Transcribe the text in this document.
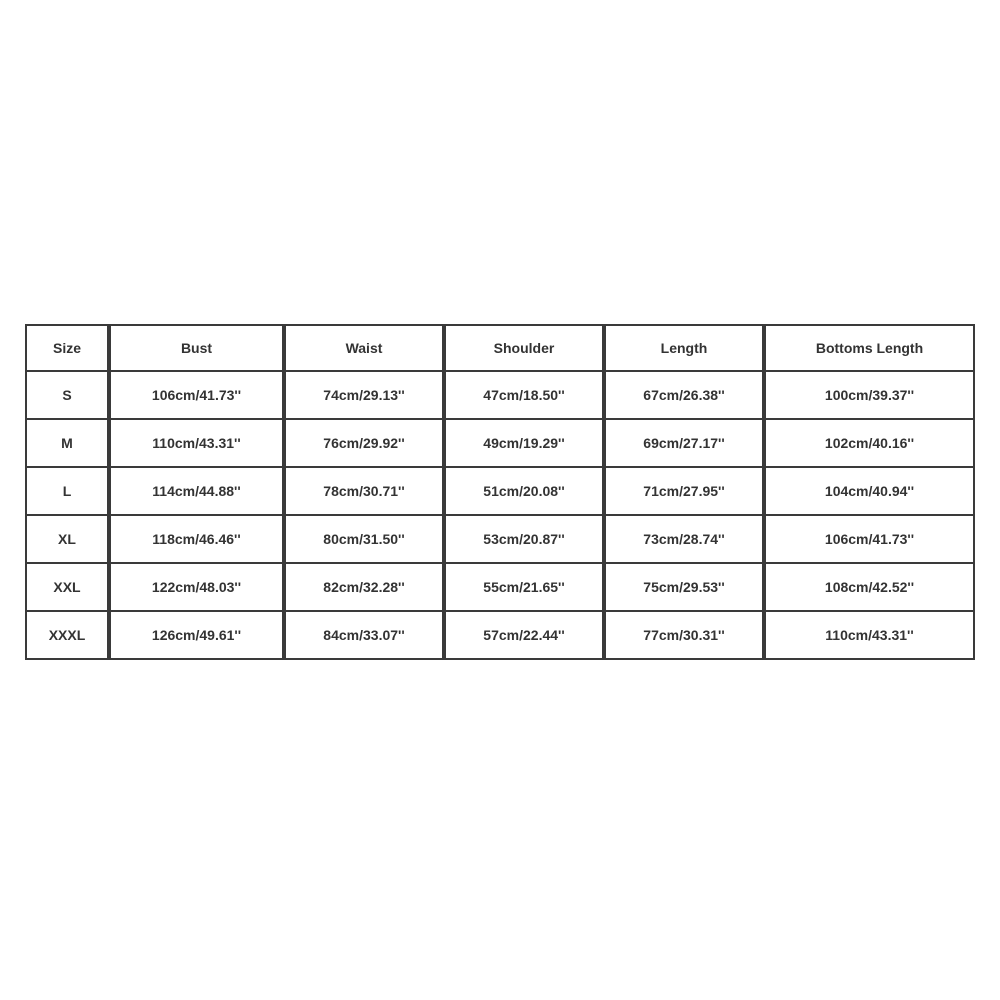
Size	Bust	Waist	Shoulder	Length	Bottoms Length
S	106cm/41.73''	74cm/29.13''	47cm/18.50''	67cm/26.38''	100cm/39.37''
M	110cm/43.31''	76cm/29.92''	49cm/19.29''	69cm/27.17''	102cm/40.16''
L	114cm/44.88''	78cm/30.71''	51cm/20.08''	71cm/27.95''	104cm/40.94''
XL	118cm/46.46''	80cm/31.50''	53cm/20.87''	73cm/28.74''	106cm/41.73''
XXL	122cm/48.03''	82cm/32.28''	55cm/21.65''	75cm/29.53''	108cm/42.52''
XXXL	126cm/49.61''	84cm/33.07''	57cm/22.44''	77cm/30.31''	110cm/43.31''
